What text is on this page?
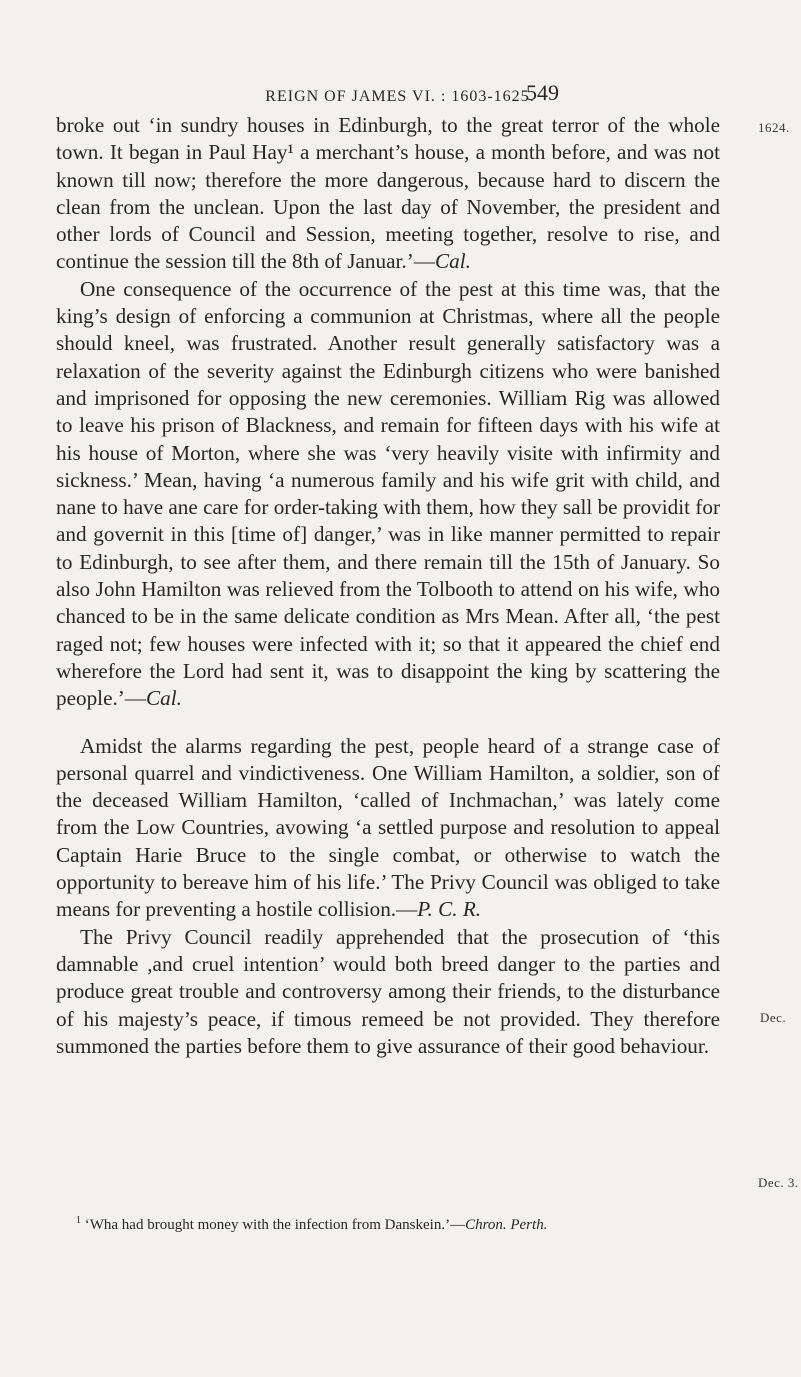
REIGN OF JAMES VI. : 1603-1625.
549
1624.
Dec.
Dec. 3.

broke out ‘in sundry houses in Edinburgh, to the great terror of the whole town. It began in Paul Hay¹ a merchant’s house, a month before, and was not known till now; therefore the more dangerous, because hard to discern the clean from the unclean. Upon the last day of November, the president and other lords of Council and Session, meeting together, resolve to rise, and continue the session till the 8th of Januar.’—Cal.

One consequence of the occurrence of the pest at this time was, that the king’s design of enforcing a communion at Christmas, where all the people should kneel, was frustrated. Another result generally satisfactory was a relaxation of the severity against the Edinburgh citizens who were banished and imprisoned for opposing the new ceremonies. William Rig was allowed to leave his prison of Blackness, and remain for fifteen days with his wife at his house of Morton, where she was ‘very heavily visite with infirmity and sickness.’ Mean, having ‘a numerous family and his wife grit with child, and nane to have ane care for order-taking with them, how they sall be providit for and governit in this [time of] danger,’ was in like manner permitted to repair to Edinburgh, to see after them, and there remain till the 15th of January. So also John Hamilton was relieved from the Tolbooth to attend on his wife, who chanced to be in the same delicate condition as Mrs Mean. After all, ‘the pest raged not; few houses were infected with it; so that it appeared the chief end wherefore the Lord had sent it, was to disappoint the king by scattering the people.’—Cal.

Amidst the alarms regarding the pest, people heard of a strange case of personal quarrel and vindictiveness. One William Hamilton, a soldier, son of the deceased William Hamilton, ‘called of Inchmachan,’ was lately come from the Low Countries, avowing ‘a settled purpose and resolution to appeal Captain Harie Bruce to the single combat, or otherwise to watch the opportunity to bereave him of his life.’ The Privy Council was obliged to take means for preventing a hostile collision.—P. C. R.

The Privy Council readily apprehended that the prosecution of ‘this damnable ,and cruel intention’ would both breed danger to the parties and produce great trouble and controversy among their friends, to the disturbance of his majesty’s peace, if timous remeed be not provided. They therefore summoned the parties before them to give assurance of their good behaviour.

$^1$ ‘Wha had brought money with the infection from Danskein.’—Chron. Perth.
